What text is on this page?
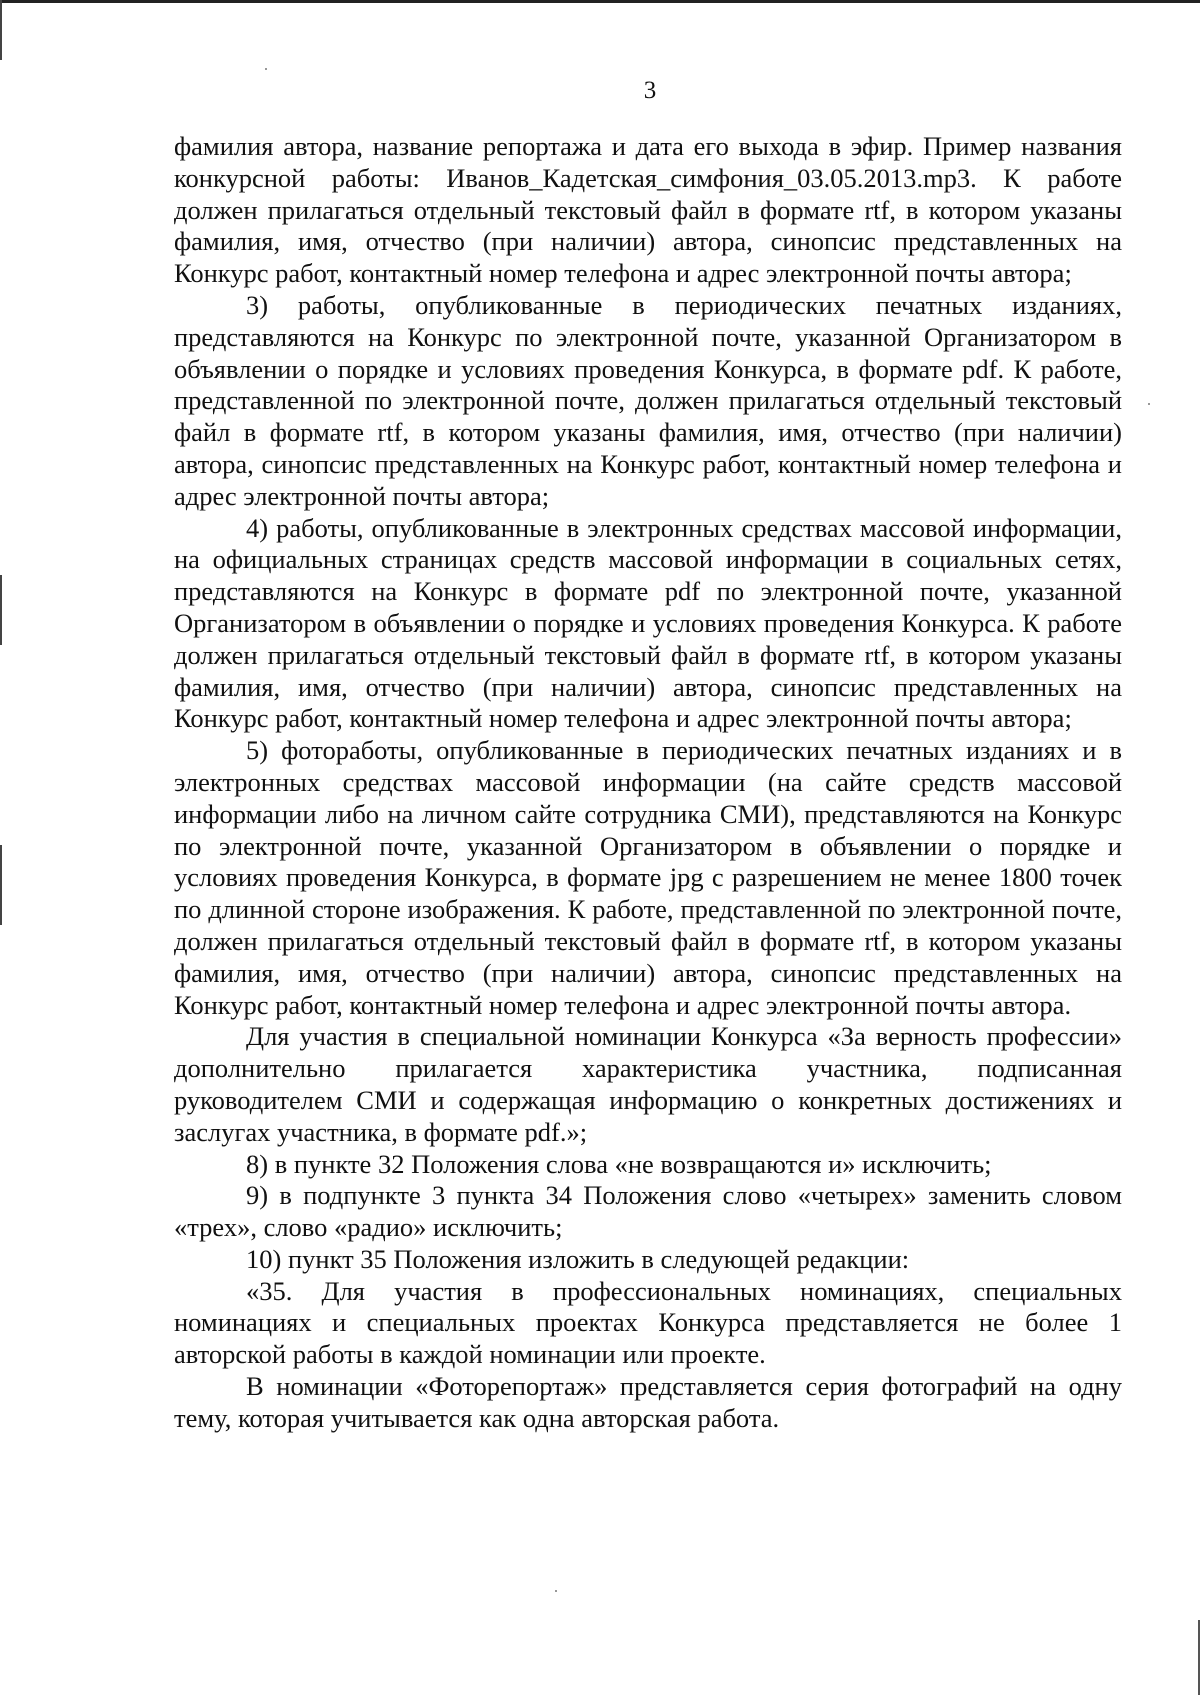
3

фамилия автора, название репортажа и дата его выхода в эфир. Пример названия конкурсной работы: Иванов_Кадетская_симфония_03.05.2013.mp3. К работе должен прилагаться отдельный текстовый файл в формате rtf, в котором указаны фамилия, имя, отчество (при наличии) автора, синопсис представленных на Конкурс работ, контактный номер телефона и адрес электронной почты автора;

3) работы, опубликованные в периодических печатных изданиях, представляются на Конкурс по электронной почте, указанной Организатором в объявлении о порядке и условиях проведения Конкурса, в формате pdf. К работе, представленной по электронной почте, должен прилагаться отдельный текстовый файл в формате rtf, в котором указаны фамилия, имя, отчество (при наличии) автора, синопсис представленных на Конкурс работ, контактный номер телефона и адрес электронной почты автора;

4) работы, опубликованные в электронных средствах массовой информации, на официальных страницах средств массовой информации в социальных сетях, представляются на Конкурс в формате pdf по электронной почте, указанной Организатором в объявлении о порядке и условиях проведения Конкурса. К работе должен прилагаться отдельный текстовый файл в формате rtf, в котором указаны фамилия, имя, отчество (при наличии) автора, синопсис представленных на Конкурс работ, контактный номер телефона и адрес электронной почты автора;

5) фоторaботы, опубликованные в периодических печатных изданиях и в электронных средствах массовой информации (на сайте средств массовой информации либо на личном сайте сотрудника СМИ), представляются на Конкурс по электронной почте, указанной Организатором в объявлении о порядке и условиях проведения Конкурса, в формате jpg с разрешением не менее 1800 точек по длинной стороне изображения. К работе, представленной по электронной почте, должен прилагаться отдельный текстовый файл в формате rtf, в котором указаны фамилия, имя, отчество (при наличии) автора, синопсис представленных на Конкурс работ, контактный номер телефона и адрес электронной почты автора.

Для участия в специальной номинации Конкурса «За верность профессии» дополнительно прилагается характеристика участника, подписанная руководителем СМИ и содержащая информацию о конкретных достижениях и заслугах участника, в формате pdf.»;

8) в пункте 32 Положения слова «не возвращаются и» исключить;

9) в подпункте 3 пункта 34 Положения слово «четырех» заменить словом «трех», слово «радио» исключить;

10) пункт 35 Положения изложить в следующей редакции:

«35. Для участия в профессиональных номинациях, специальных номинациях и специальных проектах Конкурса представляется не более 1 авторской работы в каждой номинации или проекте.

В номинации «Фоторепортаж» представляется серия фотографий на одну тему, которая учитывается как одна авторская работа.
